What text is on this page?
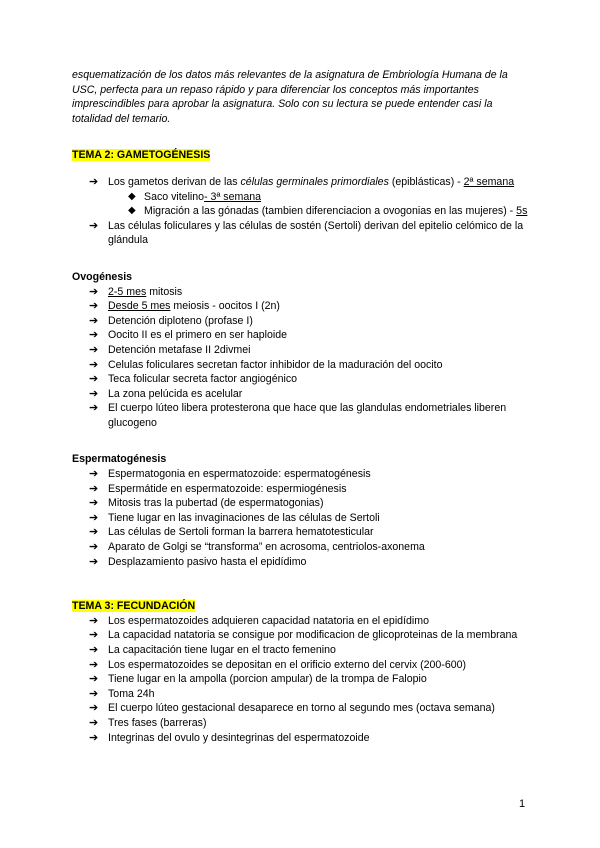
esquematización de los datos más relevantes de la asignatura de Embriología Humana de la USC, perfecta para un repaso rápido y para diferenciar los conceptos más importantes imprescindibles para aprobar la asignatura. Solo con su lectura se puede entender casi la totalidad del temario.

TEMA 2: GAMETOGÉNESIS

➔ Los gametos derivan de las células germinales primordiales (epiblásticas) - 2ª semana
◆ Saco vitelino- 3ª semana
◆ Migración a las gónadas (tambien diferenciacion a ovogonias en las mujeres) - 5s
➔ Las células foliculares y las células de sostén (Sertoli) derivan del epitelio celómico de la glándula

Ovogénesis

➔ 2-5 mes mitosis
➔ Desde 5 mes meiosis - oocitos I (2n)
➔ Detención diploteno (profase I)
➔ Oocito II es el primero en ser haploide
➔ Detención metafase II 2divmei
➔ Celulas foliculares secretan factor inhibidor de la maduración del oocito
➔ Teca folicular secreta factor angiogénico
➔ La zona pelúcida es acelular
➔ El cuerpo lúteo libera protesterona que hace que las glandulas endometriales liberen glucogeno

Espermatogénesis

➔ Espermatogonia en espermatozoide: espermatogénesis
➔ Espermátide en espermatozoide: espermiogénesis
➔ Mitosis tras la pubertad (de espermatogonias)
➔ Tiene lugar en las invaginaciones de las células de Sertoli
➔ Las células de Sertoli forman la barrera hematotesticular
➔ Aparato de Golgi se “transforma” en acrosoma, centriolos-axonema
➔ Desplazamiento pasivo hasta el epidídimo

TEMA 3: FECUNDACIÓN

➔ Los espermatozoides adquieren capacidad natatoria en el epidídimo
➔ La capacidad natatoria se consigue por modificacion de glicoproteinas de la membrana
➔ La capacitación tiene lugar en el tracto femenino
➔ Los espermatozoides se depositan en el orificio externo del cervix (200-600)
➔ Tiene lugar en la ampolla (porcion ampular) de la trompa de Falopio
➔ Toma 24h
➔ El cuerpo lúteo gestacional desaparece en torno al segundo mes (octava semana)
➔ Tres fases (barreras)
➔ Integrinas del ovulo y desintegrinas del espermatozoide
1
